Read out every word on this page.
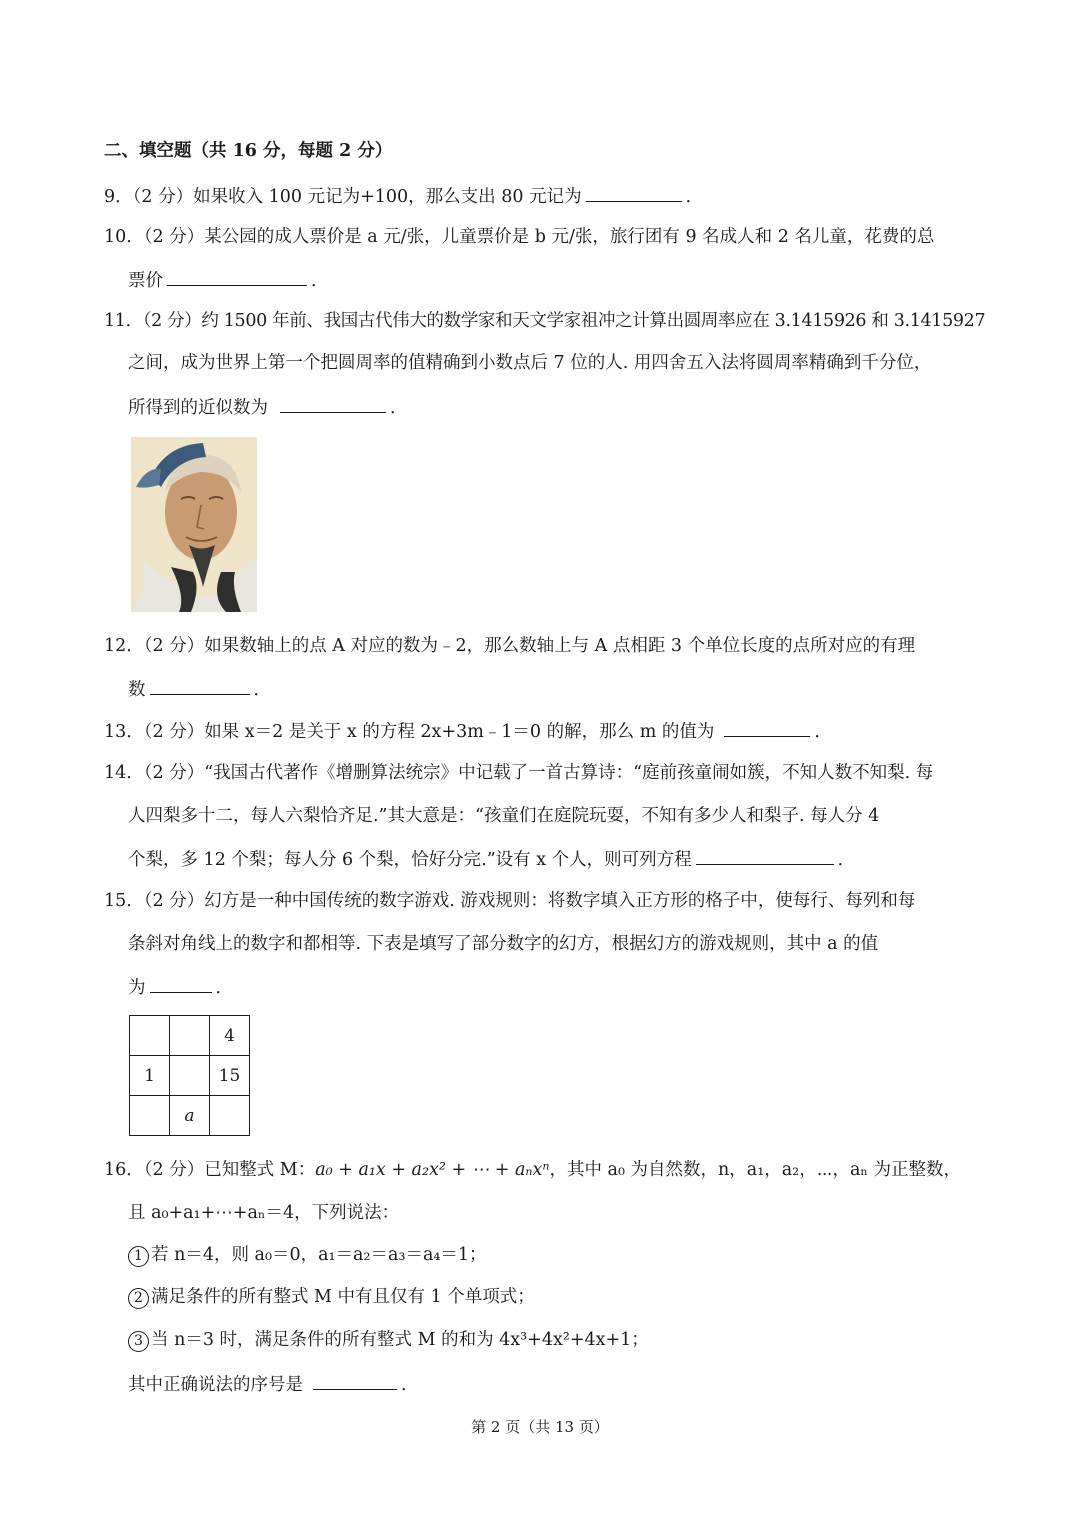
二、填空题（共 16 分，每题 2 分）
9．（2 分）如果收入 100 元记为+100，那么支出 80 元记为	．
10．（2 分）某公园的成人票价是 a 元/张，儿童票价是 b 元/张，旅行团有 9 名成人和 2 名儿童，花费的总
票价	．
11．（2 分）约 1500 年前、我国古代伟大的数学家和天文学家祖冲之计算出圆周率应在 3.1415926 和 3.1415927
之间，成为世界上第一个把圆周率的值精确到小数点后 7 位的人. 用四舍五入法将圆周率精确到千分位，
所得到的近似数为	．
12．（2 分）如果数轴上的点 A 对应的数为﹣2，那么数轴上与 A 点相距 3 个单位长度的点所对应的有理
数	．
13．（2 分）如果 x＝2 是关于 x 的方程 2x+3m﹣1＝0 的解，那么 m 的值为	．
14．（2 分）“我国古代著作《增删算法统宗》中记载了一首古算诗：“庭前孩童闹如簇，不知人数不知梨. 每
人四梨多十二，每人六梨恰齐足.”其大意是：“孩童们在庭院玩耍，不知有多少人和梨子. 每人分 4
个梨，多 12 个梨；每人分 6 个梨，恰好分完.”设有 x 个人，则可列方程	．
15．（2 分）幻方是一种中国传统的数字游戏. 游戏规则：将数字填入正方形的格子中，使每行、每列和每
条斜对角线上的数字和都相等. 下表是填写了部分数字的幻方，根据幻方的游戏规则，其中 a 的值
为	．
		4
1		15
	a	
16．（2 分）已知整式 M：a₀ + a₁x + a₂x² + ⋯ + aₙxⁿ，其中 a₀ 为自然数，n，a₁，a₂，⋯，aₙ 为正整数，
且 a₀+a₁+⋯+aₙ＝4，下列说法：
1 若 n＝4，则 a₀＝0，a₁＝a₂＝a₃＝a₄＝1；
2 满足条件的所有整式 M 中有且仅有 1 个单项式；
3 当 n＝3 时，满足条件的所有整式 M 的和为 4x³+4x²+4x+1；
其中正确说法的序号是	．
第 2 页（共 13 页）
